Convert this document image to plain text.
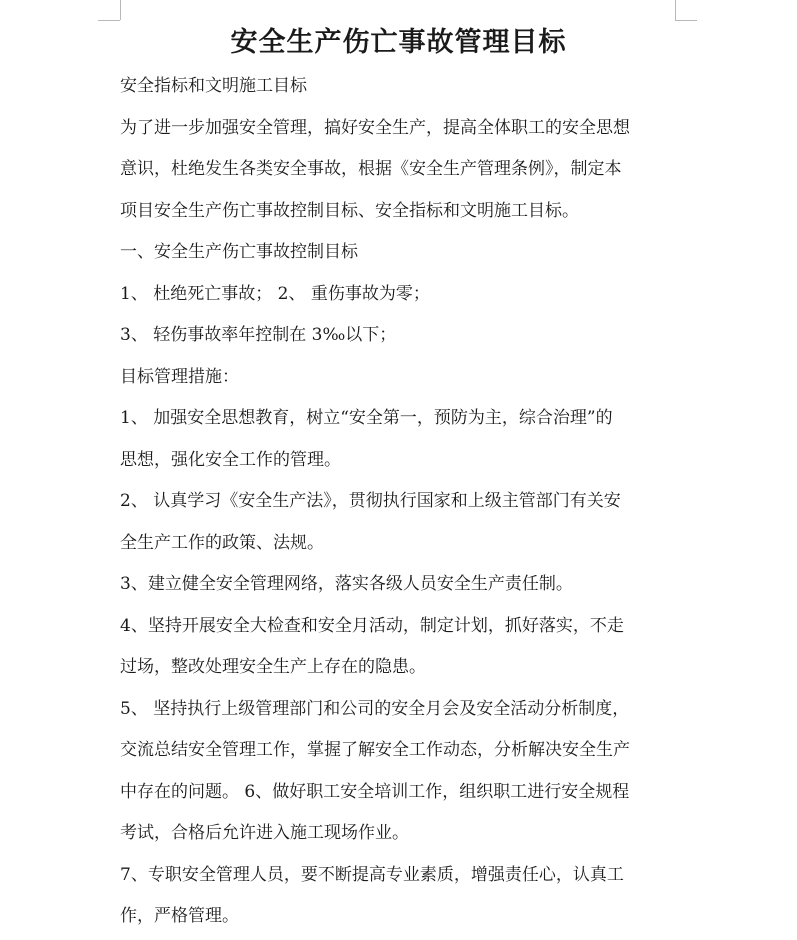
安全生产伤亡事故管理目标

安全指标和文明施工目标

为了进一步加强安全管理，搞好安全生产，提高全体职工的安全思想

意识，杜绝发生各类安全事故，根据《安全生产管理条例》，制定本

项目安全生产伤亡事故控制目标、安全指标和文明施工目标。

一、安全生产伤亡事故控制目标

1、 杜绝死亡事故； 2、 重伤事故为零；

3、 轻伤事故率年控制在 3‰以下；

目标管理措施：

1、 加强安全思想教育，树立“安全第一，预防为主，综合治理”的

思想，强化安全工作的管理。

2、 认真学习《安全生产法》，贯彻执行国家和上级主管部门有关安

全生产工作的政策、法规。

3、建立健全安全管理网络，落实各级人员安全生产责任制。

4、坚持开展安全大检查和安全月活动，制定计划，抓好落实，不走

过场，整改处理安全生产上存在的隐患。

5、 坚持执行上级管理部门和公司的安全月会及安全活动分析制度，

交流总结安全管理工作，掌握了解安全工作动态，分析解决安全生产

中存在的问题。 6、做好职工安全培训工作，组织职工进行安全规程

考试，合格后允许进入施工现场作业。

7、专职安全管理人员，要不断提高专业素质，增强责任心，认真工

作，严格管理。
